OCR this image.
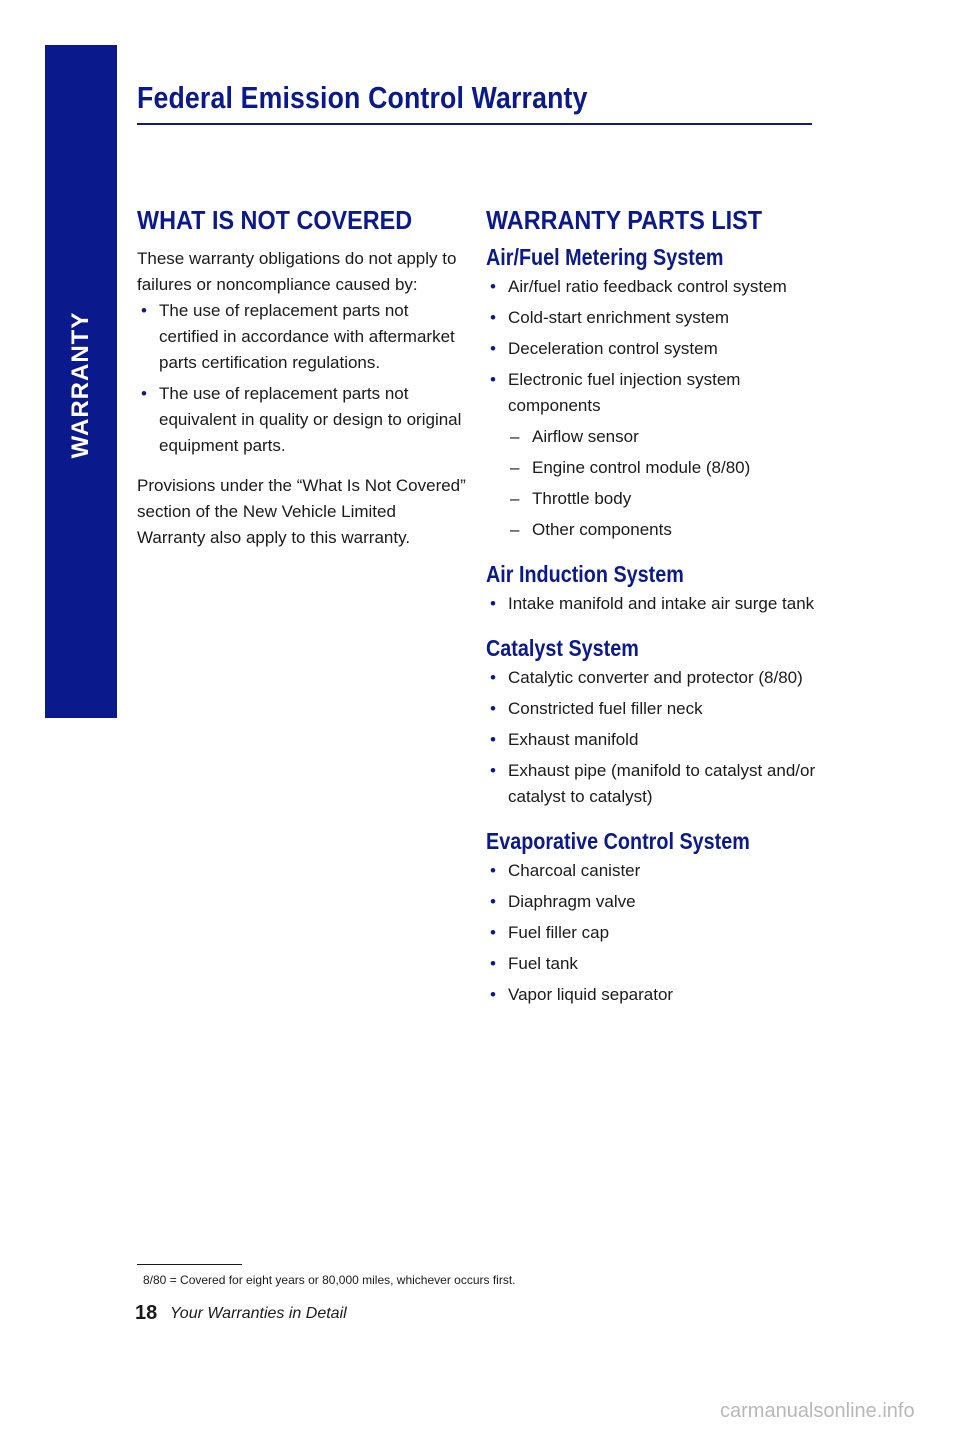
WARRANTY
Federal Emission Control Warranty
WHAT IS NOT COVERED

These warranty obligations do not apply to failures or noncompliance caused by:

• The use of replacement parts not certified in accordance with aftermarket parts certification regulations.
• The use of replacement parts not equivalent in quality or design to original equipment parts.

Provisions under the “What Is Not Covered” section of the New Vehicle Limited Warranty also apply to this warranty.

WARRANTY PARTS LIST
Air/Fuel Metering System
• Air/fuel ratio feedback control system
• Cold-start enrichment system
• Deceleration control system
• Electronic fuel injection system components
– Airflow sensor
– Engine control module (8/80)
– Throttle body
– Other components
Air Induction System
• Intake manifold and intake air surge tank
Catalyst System
• Catalytic converter and protector (8/80)
• Constricted fuel filler neck
• Exhaust manifold
• Exhaust pipe (manifold to catalyst and/or catalyst to catalyst)
Evaporative Control System
• Charcoal canister
• Diaphragm valve
• Fuel filler cap
• Fuel tank
• Vapor liquid separator
8/80 = Covered for eight years or 80,000 miles, whichever occurs first.
18 Your Warranties in Detail
carmanualsonline.info
